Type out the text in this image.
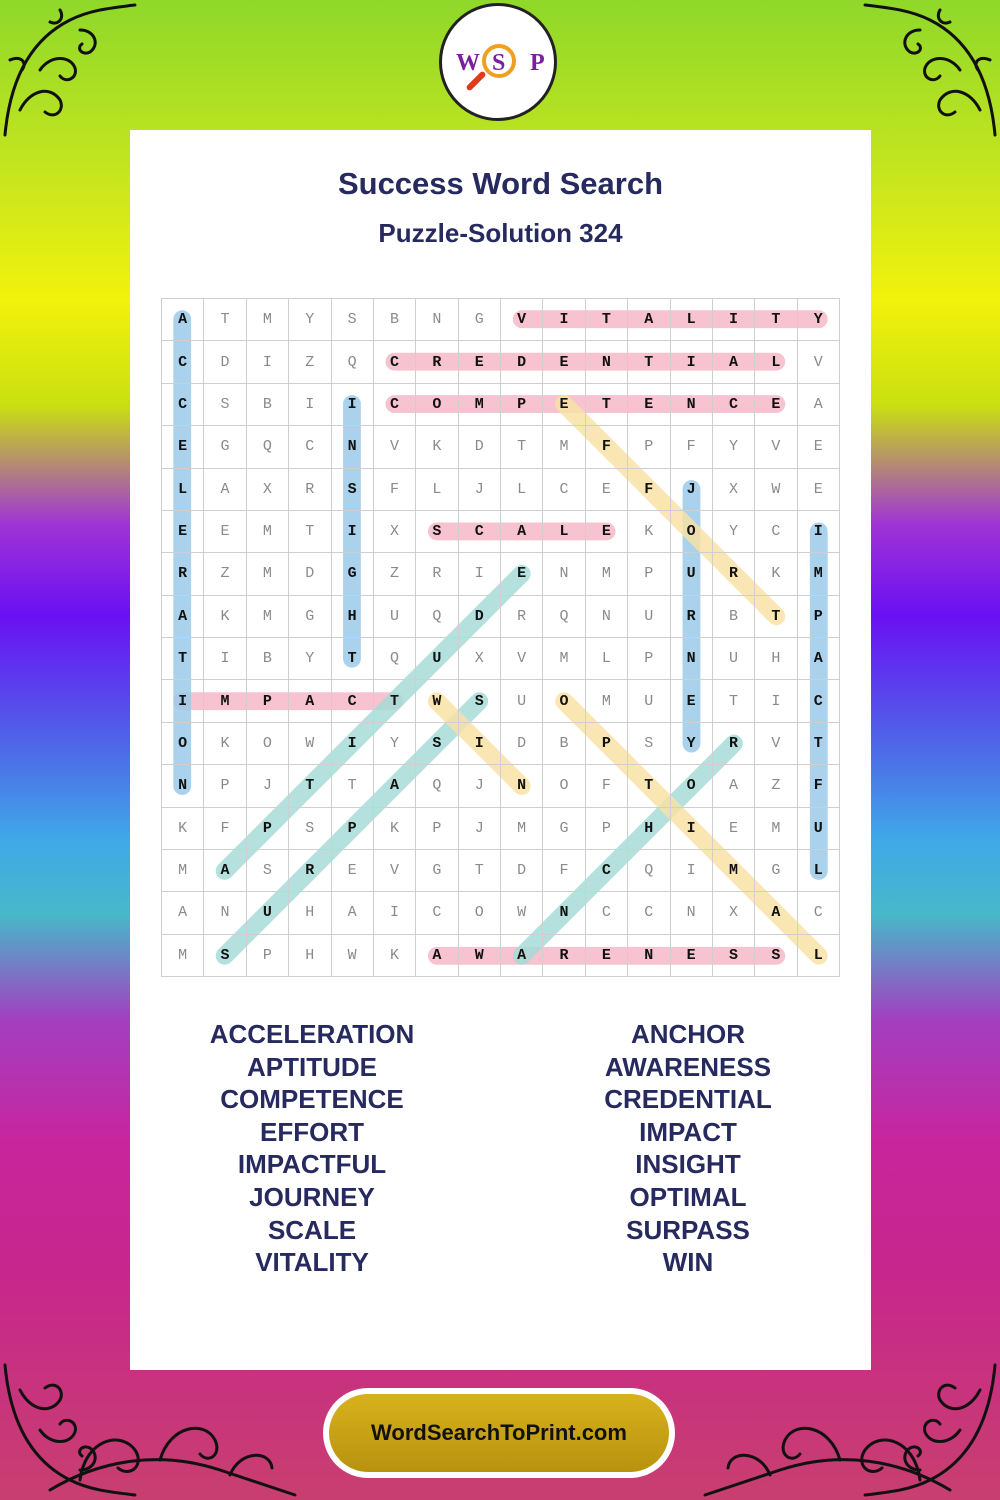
W S P
Success Word Search
Puzzle-Solution 324
A	T	M	Y	S	B	N	G	V	I	T	A	L	I	T	Y
C	D	I	Z	Q	C	R	E	D	E	N	T	I	A	L	V
C	S	B	I	I	C	O	M	P	E	T	E	N	C	E	A
E	G	Q	C	N	V	K	D	T	M	F	P	F	Y	V	E
L	A	X	R	S	F	L	J	L	C	E	F	J	X	W	E
E	E	M	T	I	X	S	C	A	L	E	K	O	Y	C	I
R	Z	M	D	G	Z	R	I	E	N	M	P	U	R	K	M
A	K	M	G	H	U	Q	D	R	Q	N	U	R	B	T	P
T	I	B	Y	T	Q	U	X	V	M	L	P	N	U	H	A
I	M	P	A	C	T	W	S	U	O	M	U	E	T	I	C
O	K	O	W	I	Y	S	I	D	B	P	S	Y	R	V	T
N	P	J	T	T	A	Q	J	N	O	F	T	O	A	Z	F
K	F	P	S	P	K	P	J	M	G	P	H	I	E	M	U
M	A	S	R	E	V	G	T	D	F	C	Q	I	M	G	L
A	N	U	H	A	I	C	O	W	N	C	C	N	X	A	C
M	S	P	H	W	K	A	W	A	R	E	N	E	S	S	L
ACCELERATION
APTITUDE
COMPETENCE
EFFORT
IMPACTFUL
JOURNEY
SCALE
VITALITY
ANCHOR
AWARENESS
CREDENTIAL
IMPACT
INSIGHT
OPTIMAL
SURPASS
WIN
WordSearchToPrint.com
